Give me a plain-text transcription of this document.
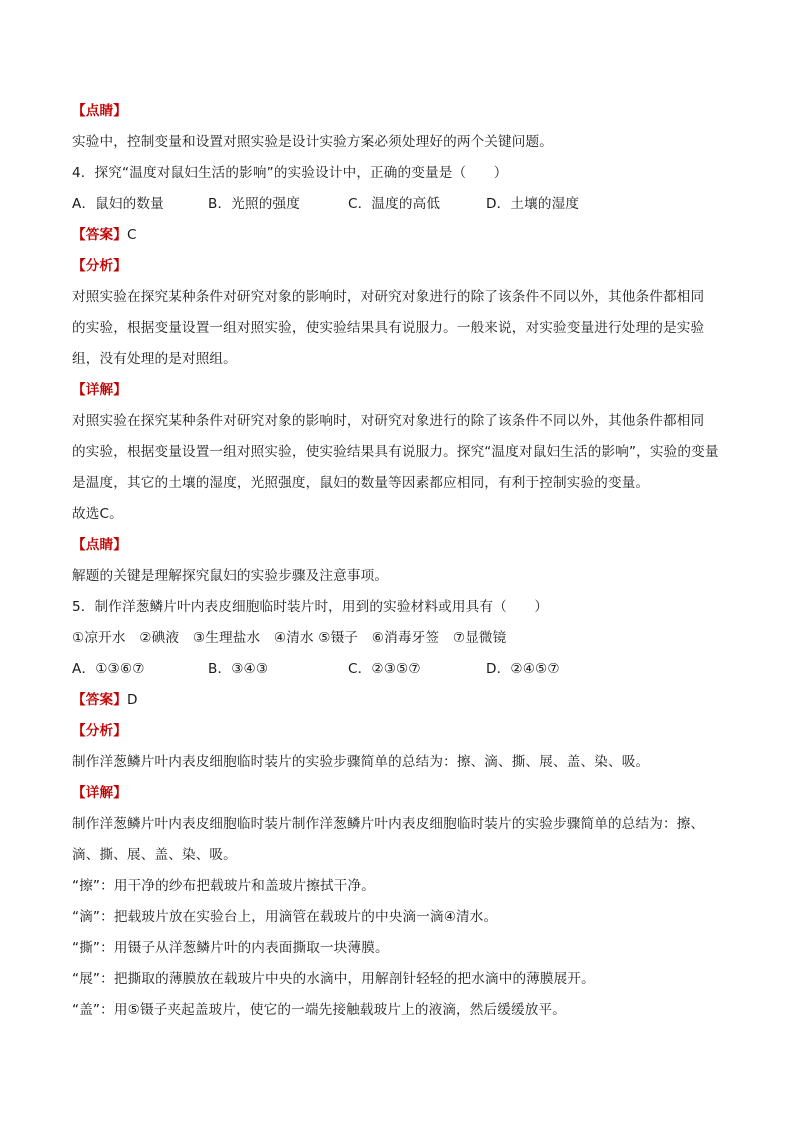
【点睛】
实验中，控制变量和设置对照实验是设计实验方案必须处理好的两个关键问题。
4．探究“温度对鼠妇生活的影响”的实验设计中，正确的变量是（　　）
A．鼠妇的数量	B．光照的强度	C．温度的高低	D．土壤的湿度
【答案】C
【分析】
对照实验在探究某种条件对研究对象的影响时，对研究对象进行的除了该条件不同以外，其他条件都相同
的实验，根据变量设置一组对照实验，使实验结果具有说服力。一般来说，对实验变量进行处理的是实验
组，没有处理的是对照组。
【详解】
对照实验在探究某种条件对研究对象的影响时，对研究对象进行的除了该条件不同以外，其他条件都相同
的实验，根据变量设置一组对照实验，使实验结果具有说服力。探究“温度对鼠妇生活的影响”，实验的变量
是温度，其它的土壤的湿度，光照强度，鼠妇的数量等因素都应相同，有利于控制实验的变量。
故选C。
【点睛】
解题的关键是理解探究鼠妇的实验步骤及注意事项。
5．制作洋葱鳞片叶内表皮细胞临时装片时，用到的实验材料或用具有（　　）
①凉开水　②碘液　③生理盐水　④清水 ⑤镊子　⑥消毒牙签　⑦显微镜
A．①③⑥⑦	B．③④③	C．②③⑤⑦	D．②④⑤⑦
【答案】D
【分析】
制作洋葱鳞片叶内表皮细胞临时装片的实验步骤简单的总结为：擦、滴、撕、展、盖、染、吸。
【详解】
制作洋葱鳞片叶内表皮细胞临时装片制作洋葱鳞片叶内表皮细胞临时装片的实验步骤简单的总结为：擦、
滴、撕、展、盖、染、吸。
“擦”：用干净的纱布把载玻片和盖玻片擦拭干净。
“滴”：把载玻片放在实验台上，用滴管在载玻片的中央滴一滴④清水。
“撕”：用镊子从洋葱鳞片叶的内表面撕取一块薄膜。
“展”：把撕取的薄膜放在载玻片中央的水滴中，用解剖针轻轻的把水滴中的薄膜展开。
“盖”：用⑤镊子夹起盖玻片，使它的一端先接触载玻片上的液滴，然后缓缓放平。
